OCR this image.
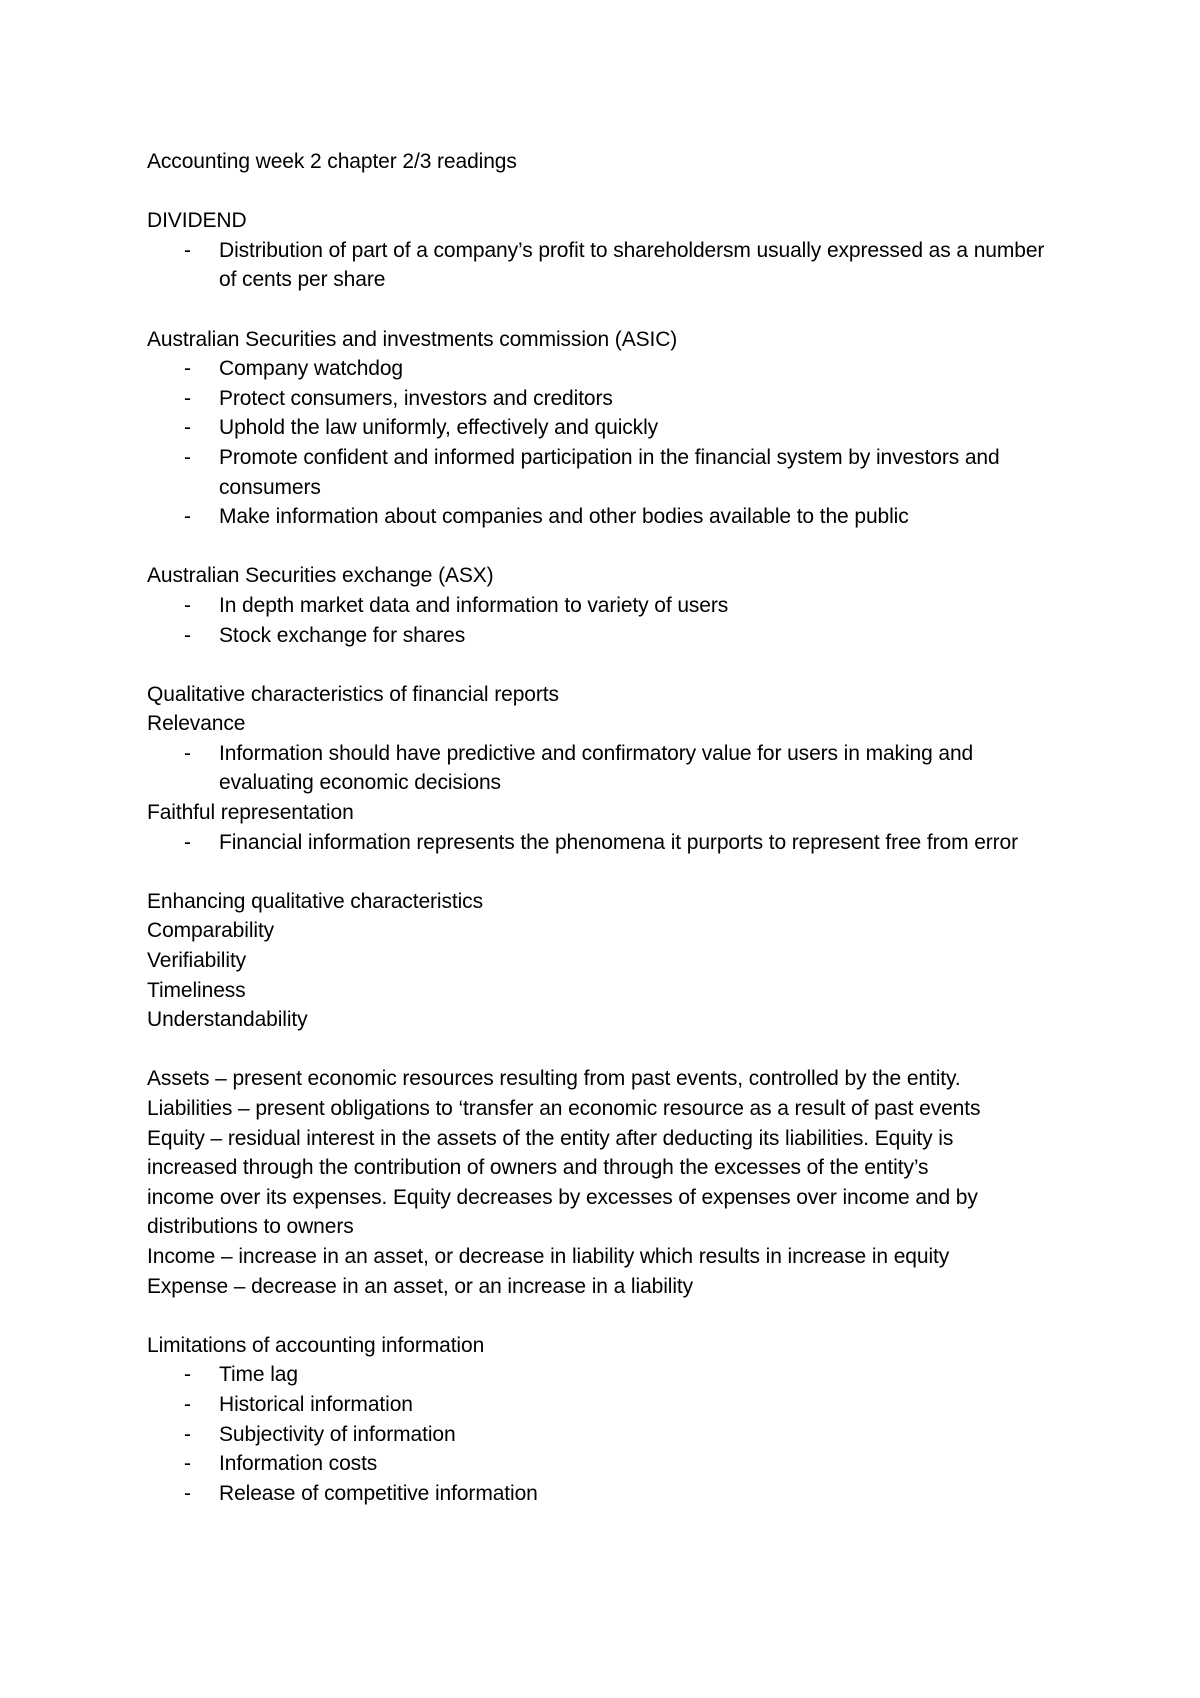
Accounting week 2 chapter 2/3 readings

DIVIDEND

- Distribution of part of a company’s profit to shareholdersm usually expressed as a number of cents per share

Australian Securities and investments commission (ASIC)

- Company watchdog
- Protect consumers, investors and creditors
- Uphold the law uniformly, effectively and quickly
- Promote confident and informed participation in the financial system by investors and consumers
- Make information about companies and other bodies available to the public

Australian Securities exchange (ASX)

- In depth market data and information to variety of users
- Stock exchange for shares

Qualitative characteristics of financial reports

Relevance

- Information should have predictive and confirmatory value for users in making and evaluating economic decisions

Faithful representation

- Financial information represents the phenomena it purports to represent free from error

Enhancing qualitative characteristics

Comparability

Verifiability

Timeliness

Understandability

Assets – present economic resources resulting from past events, controlled by the entity.

Liabilities – present obligations to ‘transfer an economic resource as a result of past events

Equity – residual interest in the assets of the entity after deducting its liabilities. Equity is

increased through the contribution of owners and through the excesses of the entity’s

income over its expenses. Equity decreases by excesses of expenses over income and by

distributions to owners

Income – increase in an asset, or decrease in liability which results in increase in equity

Expense – decrease in an asset, or an increase in a liability

Limitations of accounting information

- Time lag
- Historical information
- Subjectivity of information
- Information costs
- Release of competitive information
